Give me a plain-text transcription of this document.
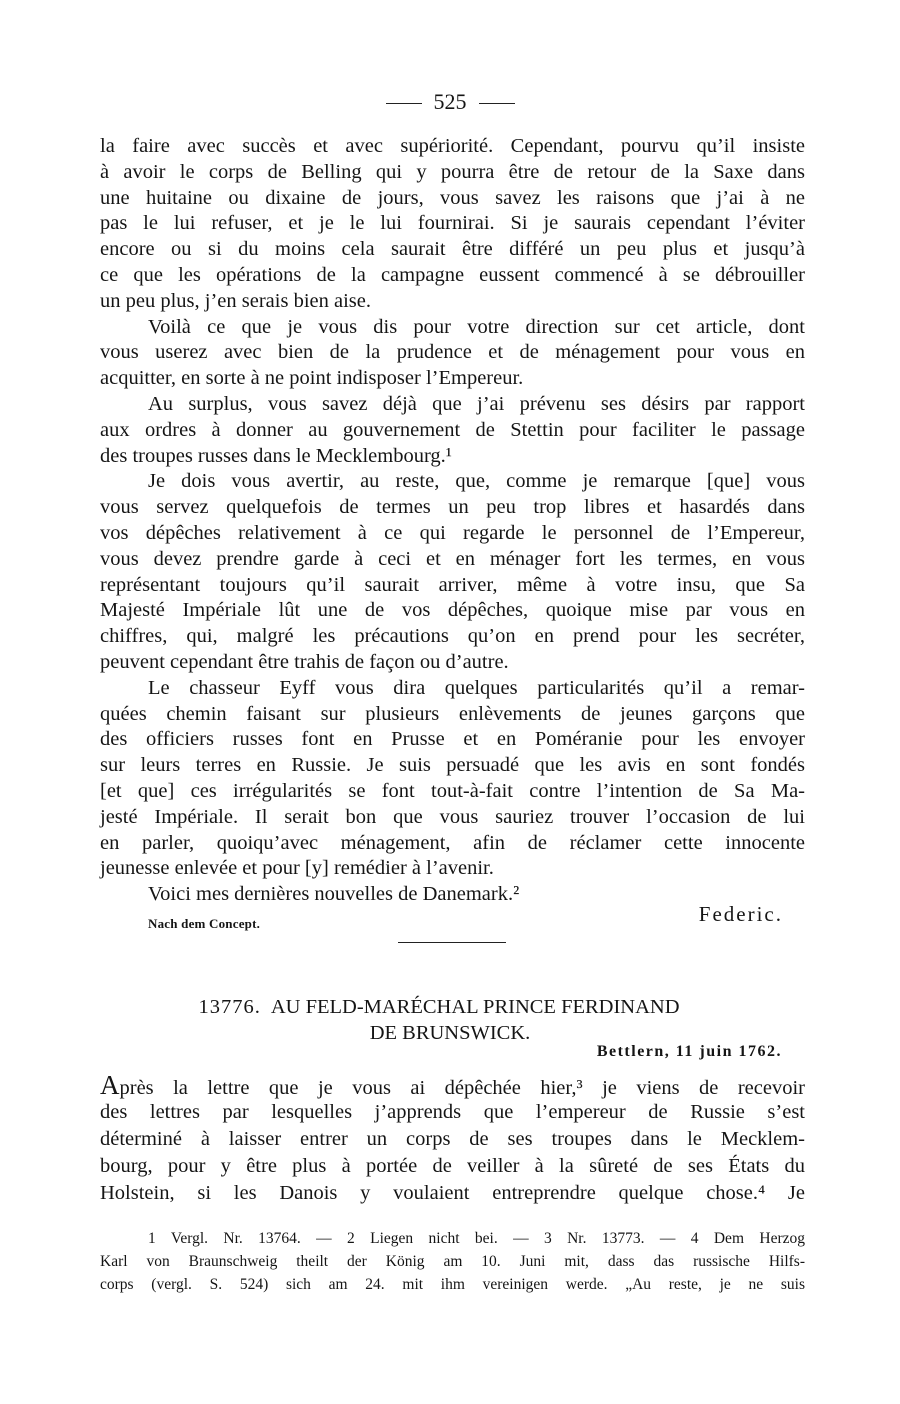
525
la faire avec succès et avec supériorité. Cependant, pourvu qu’il insiste
à avoir le corps de Belling qui y pourra être de retour de la Saxe dans
une huitaine ou dixaine de jours, vous savez les raisons que j’ai à ne
pas le lui refuser, et je le lui fournirai. Si je saurais cependant l’éviter
encore ou si du moins cela saurait être différé un peu plus et jusqu’à
ce que les opérations de la campagne eussent commencé à se débrouiller
un peu plus, j’en serais bien aise.
Voilà ce que je vous dis pour votre direction sur cet article, dont
vous userez avec bien de la prudence et de ménagement pour vous en
acquitter, en sorte à ne point indisposer l’Empereur.
Au surplus, vous savez déjà que j’ai prévenu ses désirs par rapport
aux ordres à donner au gouvernement de Stettin pour faciliter le passage
des troupes russes dans le Mecklembourg.¹
Je dois vous avertir, au reste, que, comme je remarque [que] vous
vous servez quelquefois de termes un peu trop libres et hasardés dans
vos dépêches relativement à ce qui regarde le personnel de l’Empereur,
vous devez prendre garde à ceci et en ménager fort les termes, en vous
représentant toujours qu’il saurait arriver, même à votre insu, que Sa
Majesté Impériale lût une de vos dépêches, quoique mise par vous en
chiffres, qui, malgré les précautions qu’on en prend pour les secréter,
peuvent cependant être trahis de façon ou d’autre.
Le chasseur Eyff vous dira quelques particularités qu’il a remar-
quées chemin faisant sur plusieurs enlèvements de jeunes garçons que
des officiers russes font en Prusse et en Poméranie pour les envoyer
sur leurs terres en Russie. Je suis persuadé que les avis en sont fondés
[et que] ces irrégularités se font tout-à-fait contre l’intention de Sa Ma-
jesté Impériale. Il serait bon que vous sauriez trouver l’occasion de lui
en parler, quoiqu’avec ménagement, afin de réclamer cette innocente
jeunesse enlevée et pour [y] remédier à l’avenir.
Voici mes dernières nouvelles de Danemark.²
Nach dem Concept.	Federic.
13776. AU FELD-MARÉCHAL PRINCE FERDINAND
DE BRUNSWICK.
Bettlern, 11 juin 1762.
Après la lettre que je vous ai dépêchée hier,³ je viens de recevoir
des lettres par lesquelles j’apprends que l’empereur de Russie s’est
déterminé à laisser entrer un corps de ses troupes dans le Mecklem-
bourg, pour y être plus à portée de veiller à la sûreté de ses États du
Holstein, si les Danois y voulaient entreprendre quelque chose.⁴ Je
1 Vergl. Nr. 13764. — 2 Liegen nicht bei. — 3 Nr. 13773. — 4 Dem Herzog
Karl von Braunschweig theilt der König am 10. Juni mit, dass das russische Hilfs-
corps (vergl. S. 524) sich am 24. mit ihm vereinigen werde. „Au reste, je ne suis
